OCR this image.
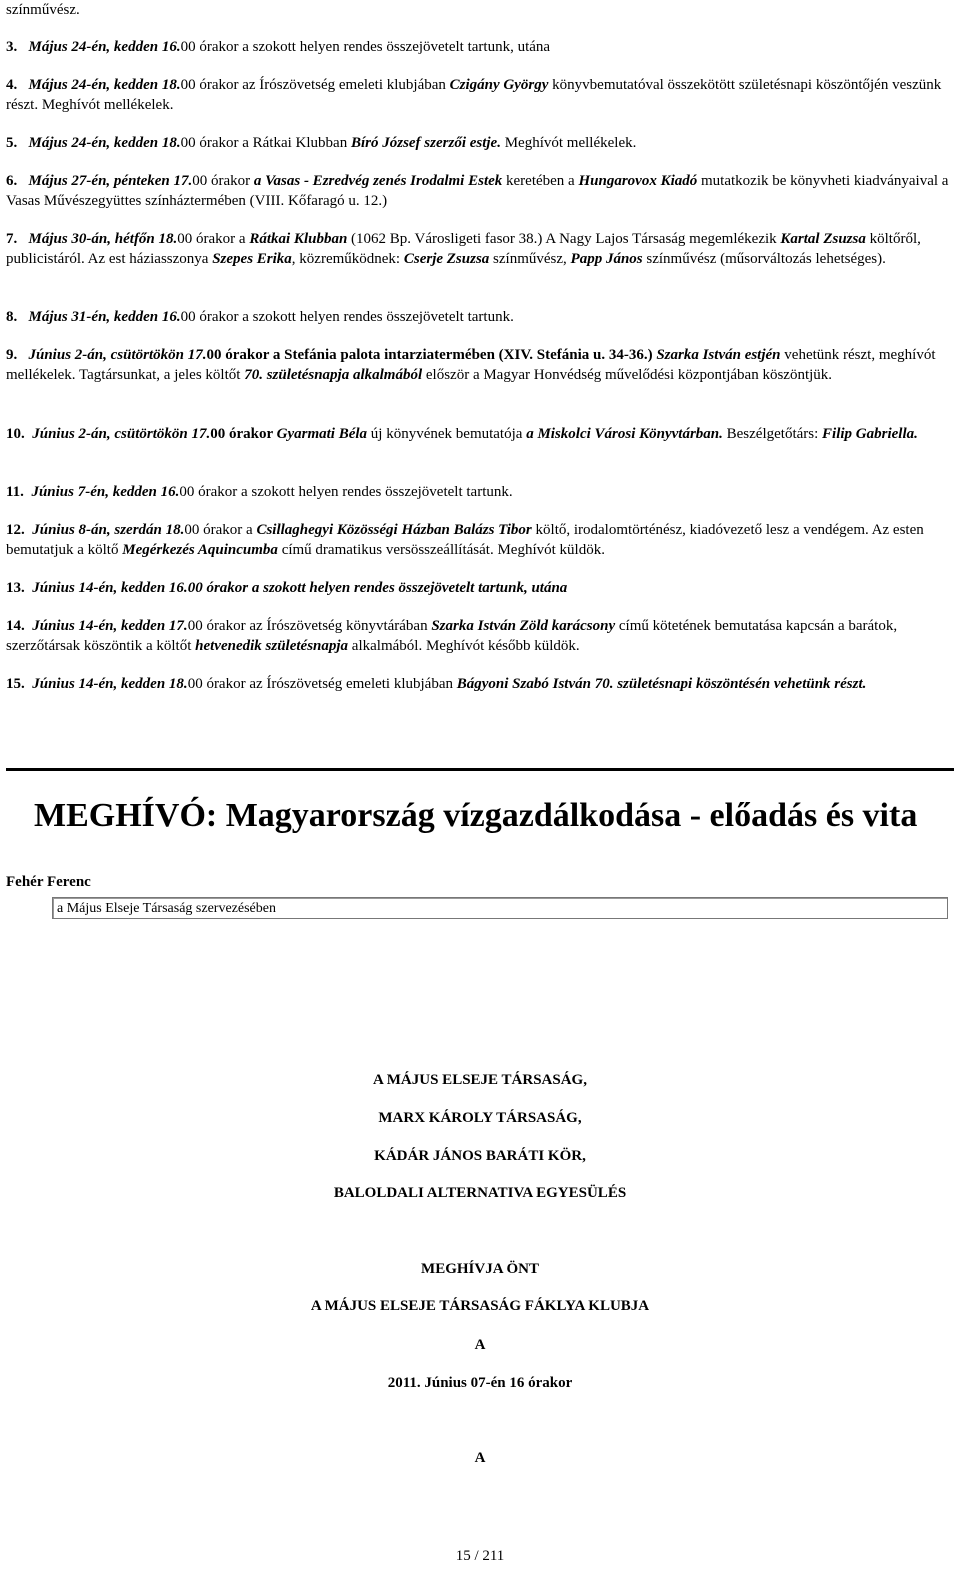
színművész.

3. Május 24-én, kedden 16.00 órakor a szokott helyen rendes összejövetelt tartunk, utána

4. Május 24-én, kedden 18.00 órakor az Írószövetség emeleti klubjában Czigány György könyvbemutatóval összekötött születésnapi köszöntőjén veszünk részt. Meghívót mellékelek.

5. Május 24-én, kedden 18.00 órakor a Rátkai Klubban Bíró József szerzői estje. Meghívót mellékelek.

6. Május 27-én, pénteken 17.00 órakor a Vasas - Ezredvég zenés Irodalmi Estek keretében a Hungarovox Kiadó mutatkozik be könyvheti kiadványaival a Vasas Művészegyüttes színháztermében (VIII. Kőfaragó u. 12.)

7. Május 30-án, hétfőn 18.00 órakor a Rátkai Klubban (1062 Bp. Városligeti fasor 38.) A Nagy Lajos Társaság megemlékezik Kartal Zsuzsa költőről, publicistáról. Az est háziasszonya Szepes Erika, közreműködnek: Cserje Zsuzsa színművész, Papp János színművész (műsorváltozás lehetséges).

8. Május 31-én, kedden 16.00 órakor a szokott helyen rendes összejövetelt tartunk.

9. Június 2-án, csütörtökön 17.00 órakor a Stefánia palota intarziatermében (XIV. Stefánia u. 34-36.) Szarka István estjén vehetünk részt, meghívót mellékelek. Tagtársunkat, a jeles költőt 70. születésnapja alkalmából először a Magyar Honvédség művelődési központjában köszöntjük.

10. Június 2-án, csütörtökön 17.00 órakor Gyarmati Béla új könyvének bemutatója a Miskolci Városi Könyvtárban. Beszélgetőtárs: Filip Gabriella.

11. Június 7-én, kedden 16.00 órakor a szokott helyen rendes összejövetelt tartunk.

12. Június 8-án, szerdán 18.00 órakor a Csillaghegyi Közösségi Házban Balázs Tibor költő, irodalomtörténész, kiadóvezető lesz a vendégem. Az esten bemutatjuk a költő Megérkezés Aquincumba című dramatikus versösszeállítását. Meghívót küldök.

13. Június 14-én, kedden 16.00 órakor a szokott helyen rendes összejövetelt tartunk, utána

14. Június 14-én, kedden 17.00 órakor az Írószövetség könyvtárában Szarka István Zöld karácsony című kötetének bemutatása kapcsán a barátok, szerzőtársak köszöntik a költőt hetvenedik születésnapja alkalmából. Meghívót később küldök.

15. Június 14-én, kedden 18.00 órakor az Írószövetség emeleti klubjában Bágyoni Szabó István 70. születésnapi köszöntésén vehetünk részt.

MEGHÍVÓ: Magyarország vízgazdálkodása - előadás és vita

Fehér Ferenc

a Május Elseje Társaság szervezésében

A MÁJUS ELSEJE TÁRSASÁG,

MARX KÁROLY TÁRSASÁG,

KÁDÁR JÁNOS BARÁTI KÖR,

BALOLDALI ALTERNATIVA EGYESÜLÉS

MEGHÍVJA ÖNT

A MÁJUS ELSEJE TÁRSASÁG FÁKLYA KLUBJA

A

2011. Június 07-én 16 órakor

A

15 / 211
